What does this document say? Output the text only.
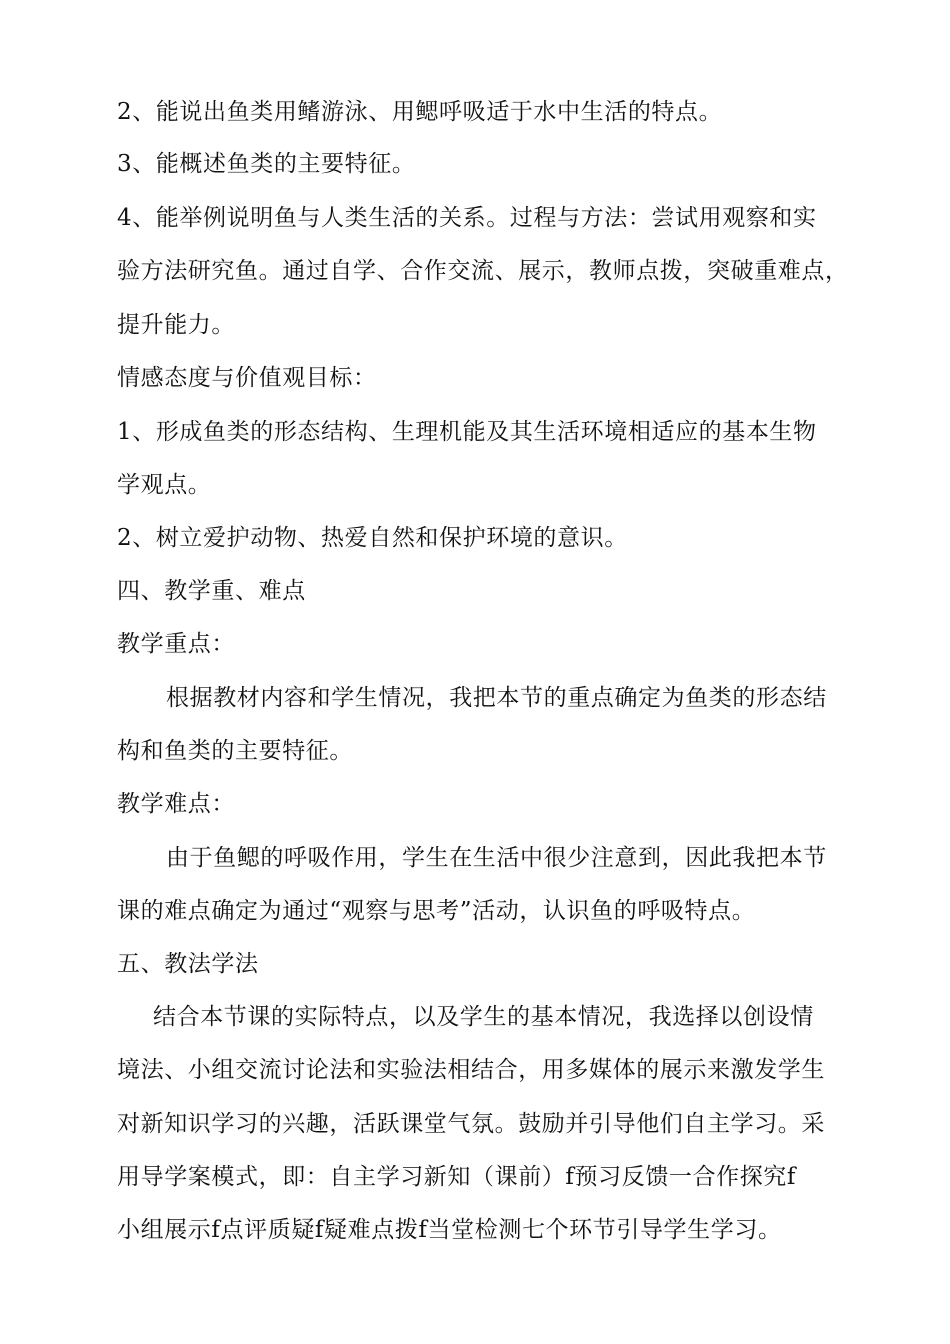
2、能说出鱼类用鳍游泳、用鳃呼吸适于水中生活的特点。
3、能概述鱼类的主要特征。
4、能举例说明鱼与人类生活的关系。过程与方法：尝试用观察和实
验方法研究鱼。通过自学、合作交流、展示，教师点拨，突破重难点，
提升能力。
情感态度与价值观目标：
1、形成鱼类的形态结构、生理机能及其生活环境相适应的基本生物
学观点。
2、树立爱护动物、热爱自然和保护环境的意识。
四、教学重、难点
教学重点：
根据教材内容和学生情况，我把本节的重点确定为鱼类的形态结
构和鱼类的主要特征。
教学难点：
由于鱼鳃的呼吸作用，学生在生活中很少注意到，因此我把本节
课的难点确定为通过“观察与思考”活动，认识鱼的呼吸特点。
五、教法学法
结合本节课的实际特点，以及学生的基本情况，我选择以创设情
境法、小组交流讨论法和实验法相结合，用多媒体的展示来激发学生
对新知识学习的兴趣，活跃课堂气氛。鼓励并引导他们自主学习。采
用导学案模式，即：自主学习新知（课前）f预习反馈一合作探究f
小组展示f点评质疑f疑难点拨f当堂检测七个环节引导学生学习。
